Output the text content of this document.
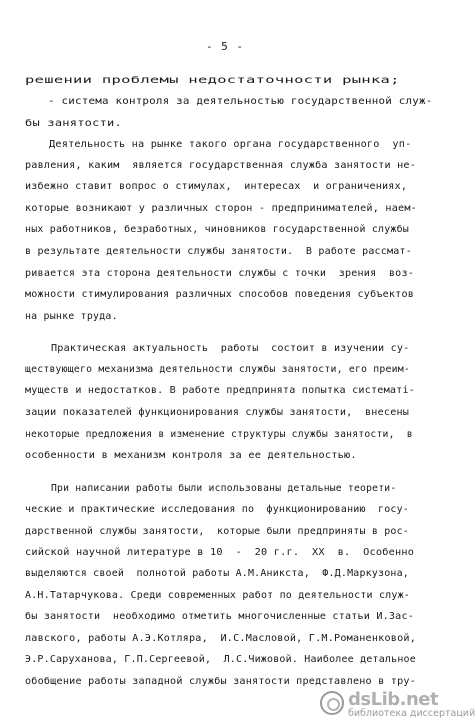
- 5 -
решении проблемы недостаточности рынка;
- система контроля за деятельностью государственной служ-
бы занятости.
Деятельность на рынке такого органа государственного  уп-
равления, каким  является государственная служба занятости не-
избежно ставит вопрос о стимулах,  интересах  и ограничениях,
которые возникают у различных сторон - предпринимателей, наем-
ных работников, безработных, чиновников государственной службы
в результате деятельности службы занятости.  В работе рассмат-
ривается эта сторона деятельности службы с точки  зрения  воз-
можности стимулирования различных способов поведения субъектов
на рынке труда.
Практическая актуальность  работы  состоит в изучении су-
ществующего механизма деятельности службы занятости, его преим-
муществ и недостатков. В работе предпринята попытка систематi-
зации показателей функционирования службы занятости,  внесены
некоторые предложения в изменение структуры службы занятости,  в
особенности в механизм контроля за ее деятельностью.
При написании работы были использованы детальные теорети-
ческие и практические исследования по  функционированию  госу-
дарственной службы занятости,  которые были предприняты в рос-
сийской научной литературе в 10  -  20 г.г.  XX  в.  Особенно
выделяются своей  полнотой работы А.М.Аникста,  Ф.Д.Маркузона,
А.Н.Татарчукова. Среди современных работ по деятельности служ-
бы занятости  необходимо отметить многочисленные статьи И.Зас-
лавского, работы А.Э.Котляра,  И.С.Масловой, Г.М.Романенковой,
Э.Р.Саруханова, Г.П.Сергеевой,  Л.С.Чижовой. Наиболее детальное
обобщение работы западной службы занятости представлено в тру-
dsLib.net
библиотека диссертаций
